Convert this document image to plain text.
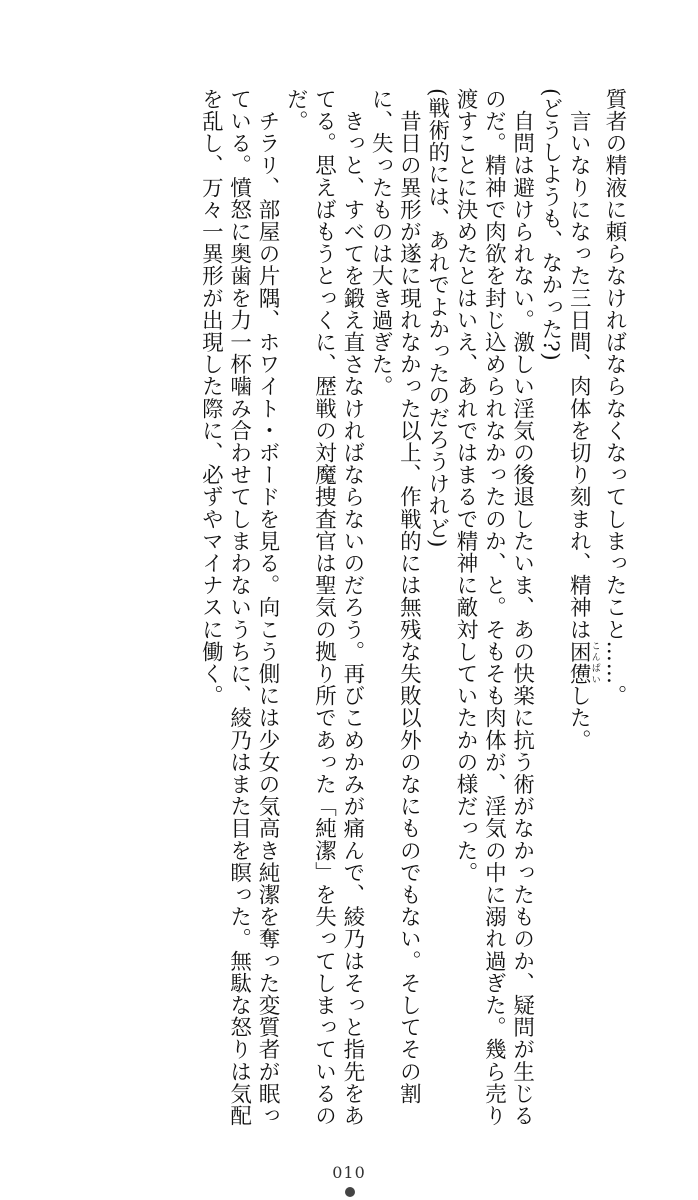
質者の精液に頼らなければならなくなってしまったこと……。

　言いなりになった三日間、肉体を切り刻まれ、精神は困憊こんぱいした。

(どうしようも、なかった?)

　自問は避けられない。激しい淫気の後退したいま、あの快楽に抗う術がなかったものか、疑問が生じるのだ。精神で肉欲を封じ込められなかったのか、と。そもそも肉体が、淫気の中に溺れ過ぎた。幾ら売り渡すことに決めたとはいえ、あれではまるで精神に敵対していたかの様だった。

(戦術的には、あれでよかったのだろうけれど)

　昔日の異形が遂に現れなかった以上、作戦的には無残な失敗以外のなにものでもない。そしてその割に、失ったものは大き過ぎた。

　きっと、すべてを鍛え直さなければならないのだろう。再びこめかみが痛んで、綾乃はそっと指先をあてる。思えばもうとっくに、歴戦の対魔捜査官は聖気の拠り所であった「純潔」を失ってしまっているのだ。

　チラリ、部屋の片隅、ホワイト・ボードを見る。向こう側には少女の気高き純潔を奪った変質者が眠っている。憤怒に奥歯を力一杯噛み合わせてしまわないうちに、綾乃はまた目を瞑った。無駄な怒りは気配を乱し、万々一異形が出現した際に、必ずやマイナスに働く。

010
